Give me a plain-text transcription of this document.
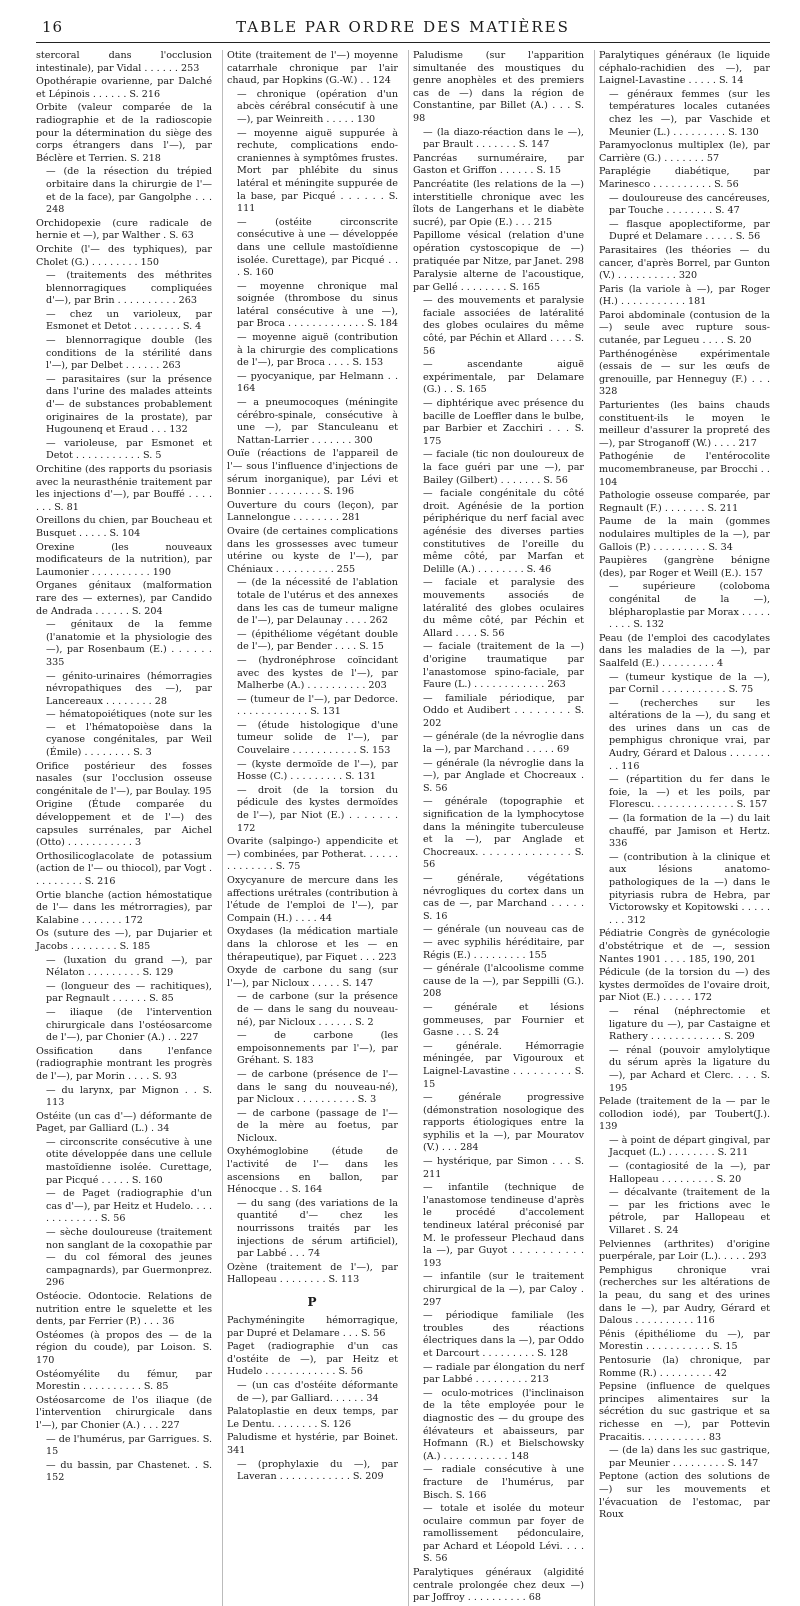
16	TABLE PAR ORDRE DES MATIÈRES

stercoral dans l'occlusion intestinale), par Vidal . . . . . . 253

Opothérapie ovarienne, par Dalché et Lépinois . . . . . . S. 216

Orbite (valeur comparée de la radiographie et de la radioscopie pour la détermination du siège des corps étrangers dans l'—), par Béclère et Terrien. S. 218

— (de la résection du trépied orbitaire dans la chirurgie de l'— et de la face), par Gangolphe . . . 248

Orchidopexie (cure radicale de hernie et —), par Walther . S. 63

Orchite (l'— des typhiques), par Cholet (G.) . . . . . . . . 150

— (traitements des méthrites blennorragiques compliquées d'—), par Brin . . . . . . . . . . 263

— chez un varioleux, par Esmonet et Detot . . . . . . . . S. 4

— blennorragique double (les conditions de la stérilité dans l'—), par Delbet . . . . . . 263

— parasitaires (sur la présence dans l'urine des malades atteints d'— de substances probablement originaires de la prostate), par Hugounenq et Eraud . . . 132

— varioleuse, par Esmonet et Detot . . . . . . . . . . . S. 5

Orchitine (des rapports du psoriasis avec la neurasthénie traitement par les injections d'—), par Bouffé . . . . . . . S. 81

Oreillons du chien, par Boucheau et Busquet . . . . . S. 104

Orexine (les nouveaux modificateurs de la nutrition), par Laumonier . . . . . . . . . . 190

Organes génitaux (malformation rare des — externes), par Candido de Andrada . . . . . . S. 204

— génitaux de la femme (l'anatomie et la physiologie des —), par Rosenbaum (E.) . . . . . . 335

— génito-urinaires (hémorragies névropathiques des —), par Lancereaux . . . . . . . . 28

— hématopoiétiques (note sur les — et l'hématopoièse dans la cyanose congénitales, par Weil (Émile) . . . . . . . . S. 3

Orifice postérieur des fosses nasales (sur l'occlusion osseuse congénitale de l'—), par Boulay. 195

Origine (Étude comparée du développement et de l'—) des capsules surrénales, par Aichel (Otto) . . . . . . . . . . . 3

Orthosilicoglacolate de potassium (action de l'— ou thiocol), par Vogt . . . . . . . . . S. 216

Ortie blanche (action hémostatique de l'— dans les métrorragies), par Kalabine . . . . . . . 172

Os (suture des —), par Dujarier et Jacobs . . . . . . . . S. 185

— (luxation du grand —), par Nélaton . . . . . . . . . S. 129

— (longueur des — rachitiques), par Regnault . . . . . . S. 85

— iliaque (de l'intervention chirurgicale dans l'ostéosarcome de l'—), par Chonier (A.) . . 227

Ossification dans l'enfance (radiographie montrant les progrès de l'—), par Morin . . . . S. 93

— du larynx, par Mignon . . S. 113

Ostéite (un cas d'—) déformante de Paget, par Galliard (L.) . 34

— circonscrite consécutive à une otite développée dans une cellule mastoïdienne isolée. Curettage, par Picqué . . . . . S. 160

— de Paget (radiographie d'un cas d'—), par Heitz et Hudelo. . . . . . . . . . . . . S. 56

— sèche douloureuse (traitement non sanglant de la coxopathie par — du col fémoral des jeunes campagnards), par Guermonprez. 296

Ostéocie. Odontocie. Relations de nutrition entre le squelette et les dents, par Ferrier (P.) . . . 36

Ostéomes (à propos des — de la région du coude), par Loison. S. 170

Ostéomyélite du fémur, par Morestin . . . . . . . . . . S. 85

Ostéosarcome de l'os iliaque (de l'intervention chirurgicale dans l'—), par Chonier (A.) . . . 227

— de l'humérus, par Garrigues. S. 15

— du bassin, par Chastenet. . S. 152

Otite (traitement de l'—) moyenne catarrhale chronique par l'air chaud, par Hopkins (G.-W.) . . 124

— chronique (opération d'un abcès cérébral consécutif à une —), par Weinreith . . . . . 130

— moyenne aiguë suppurée à rechute, complications endo-craniennes à symptômes frustes. Mort par phlébite du sinus latéral et méningite suppurée de la base, par Picqué . . . . . . S. 111

— (ostéite circonscrite consécutive à une — développée dans une cellule mastoïdienne isolée. Curettage), par Picqué . . . S. 160

— moyenne chronique mal soignée (thrombose du sinus latéral consécutive à une —), par Broca . . . . . . . . . . . . . S. 184

— moyenne aiguë (contribution à la chirurgie des complications de l'—), par Broca . . . . S. 153

— pyocyanique, par Helmann . . 164

— a pneumocoques (méningite cérébro-spinale, consécutive à une —), par Stanculeanu et Nattan-Larrier . . . . . . . 300

Ouïe (réactions de l'appareil de l'— sous l'influence d'injections de sérum inorganique), par Lévi et Bonnier . . . . . . . . . S. 196

Ouverture du cours (leçon), par Lannelongue . . . . . . . . 281

Ovaire (de certaines complications dans les grossesses avec tumeur utérine ou kyste de l'—), par Chéniaux . . . . . . . . . . 255

— (de la nécessité de l'ablation totale de l'utérus et des annexes dans les cas de tumeur maligne de l'—), par Delaunay . . . . 262

— (épithéliome végétant double de l'—), par Bender . . . . S. 15

— (hydronéphrose coïncidant avec des kystes de l'—), par Malherbe (A.) . . . . . . . . . . 203

— (tumeur de l'—), par Dedorce. . . . . . . . . . . . . S. 131

— (étude histologique d'une tumeur solide de l'—), par Couvelaire . . . . . . . . . . . S. 153

— (kyste dermoïde de l'—), par Hosse (C.) . . . . . . . . . S. 131

— droit (de la torsion du pédicule des kystes dermoïdes de l'—), par Niot (E.) . . . . . . . 172

Ovarite (salpingo-) appendicite et —) combinées, par Potherat. . . . . . . . . . . . . . S. 75

Oxycyanure de mercure dans les affections urétrales (contribution à l'étude de l'emploi de l'—), par Compain (H.) . . . . 44

Oxydases (la médication martiale dans la chlorose et les — en thérapeutique), par Fiquet . . . 223

Oxyde de carbone du sang (sur l'—), par Nicloux . . . . . S. 147

— de carbone (sur la présence de — dans le sang du nouveau-né), par Nicloux . . . . . . S. 2

— de carbone (les empoisonnements par l'—), par Gréhant. S. 183

— de carbone (présence de l'— dans le sang du nouveau-né), par Nicloux . . . . . . . . . . S. 3

— de carbone (passage de l'— de la mère au foetus, par Nicloux.

Oxyhémoglobine (étude de l'activité de l'— dans les ascensions en ballon, par Hénocque . . S. 164

— du sang (des variations de la quantité d'— chez les nourrissons traités par les injections de sérum artificiel), par Labbé . . . 74

Ozène (traitement de l'—), par Hallopeau . . . . . . . . S. 113

P

Pachyméningite hémorragique, par Dupré et Delamare . . . S. 56

Paget (radiographie d'un cas d'ostéite de —), par Heitz et Hudelo . . . . . . . . . . . . S. 56

— (un cas d'ostéite déformante de —), par Galliard. . . . . . 34

Palatoplastie en deux temps, par Le Dentu. . . . . . . . S. 126

Paludisme et hystérie, par Boinet. 341

— (prophylaxie du —), par Laveran . . . . . . . . . . . . S. 209

Paludisme (sur l'apparition simultanée des moustiques du genre anophèles et des premiers cas de —) dans la région de Constantine, par Billet (A.) . . . S. 98

— (la diazo-réaction dans le —), par Brault . . . . . . . S. 147

Pancréas surnuméraire, par Gaston et Griffon . . . . . . S. 15

Pancréatite (les relations de la —) interstitielle chronique avec les îlots de Langerhans et le diabète sucré), par Opie (E.) . . . 215

Papillome vésical (relation d'une opération cystoscopique de —) pratiquée par Nitze, par Janet. 298

Paralysie alterne de l'acoustique, par Gellé . . . . . . . . S. 165

— des mouvements et paralysie faciale associées de latéralité des globes oculaires du même côté, par Péchin et Allard . . . . S. 56

— ascendante aiguë expérimentale, par Delamare (G.) . . S. 165

— diphtérique avec présence du bacille de Loeffler dans le bulbe, par Barbier et Zacchiri . . . S. 175

— faciale (tic non douloureux de la face guéri par une —), par Bailey (Gilbert) . . . . . . . S. 56

— faciale congénitale du côté droit. Agénésie de la portion périphérique du nerf facial avec agénésie des diverses parties constitutives de l'oreille du même côté, par Marfan et Delille (A.) . . . . . . . . S. 46

— faciale et paralysie des mouvements associés de latéralité des globes oculaires du même côté, par Péchin et Allard . . . . S. 56

— faciale (traitement de la —) d'origine traumatique par l'anastomose spino-faciale, par Faure (L.) . . . . . . . . . . . . 263

— familiale périodique, par Oddo et Audibert . . . . . . . . S. 202

— générale (de la névroglie dans la —), par Marchand . . . . . 69

— générale (la névroglie dans la —), par Anglade et Chocreaux . S. 56

— générale (topographie et signification de la lymphocytose dans la méningite tuberculeuse et la —), par Anglade et Chocreaux. . . . . . . . . . . . . . S. 56

— générale, végétations névrogliques du cortex dans un cas de —, par Marchand . . . . . S. 16

— générale (un nouveau cas de — avec syphilis héréditaire, par Régis (E.) . . . . . . . . . 155

— générale (l'alcoolisme comme cause de la —), par Seppilli (G.). 208

— générale et lésions gommeuses, par Fournier et Gasne . . . S. 24

— générale. Hémorragie méningée, par Vigouroux et Laignel-Lavastine . . . . . . . . . S. 15

— générale progressive (démonstration nosologique des rapports étiologiques entre la syphilis et la —), par Mouratov (V.) . . . 284

— hystérique, par Simon . . . S. 211

— infantile (technique de l'anastomose tendineuse d'après le procédé d'accolement tendineux latéral préconisé par M. le professeur Plechaud dans la —), par Guyot . . . . . . . . . . 193

— infantile (sur le traitement chirurgical de la —), par Caloy . 297

— périodique familiale (les troubles des réactions électriques dans la —), par Oddo et Darcourt . . . . . . . . . S. 128

— radiale par élongation du nerf par Labbé . . . . . . . . . 213

— oculo-motrices (l'inclinaison de la tête employée pour le diagnostic des — du groupe des élévateurs et abaisseurs, par Hofmann (R.) et Bielschowsky (A.) . . . . . . . . . . . 148

— radiale consécutive à une fracture de l'humérus, par Bisch. S. 166

— totale et isolée du moteur oculaire commun par foyer de ramollissement pédonculaire, par Achard et Léopold Lévi. . . . S. 56

Paralytiques généraux (algidité centrale prolongée chez deux —) par Joffroy . . . . . . . . . . 68

Paralytiques généraux (le liquide céphalo-rachidien des —), par Laignel-Lavastine . . . . . S. 14

— généraux femmes (sur les températures locales cutanées chez les —), par Vaschide et Meunier (L.) . . . . . . . . . S. 130

Paramyoclonus multiplex (le), par Carrière (G.) . . . . . . . 57

Paraplégie diabétique, par Marinesco . . . . . . . . . . S. 56

— douloureuse des cancéreuses, par Touche . . . . . . . . S. 47

— flasque apoplectiforme, par Dupré et Delamare . . . . . S. 56

Parasitaires (les théories — du cancer, d'après Borrel, par Gunton (V.) . . . . . . . . . . 320

Paris (la variole à —), par Roger (H.) . . . . . . . . . . . 181

Paroi abdominale (contusion de la —) seule avec rupture sous-cutanée, par Legueu . . . . S. 20

Parthénogénèse expérimentale (essais de — sur les œufs de grenouille, par Henneguy (F.) . . . 328

Parturientes (les bains chauds constituent-ils le moyen le meilleur d'assurer la propreté des —), par Stroganoff (W.) . . . . 217

Pathogénie de l'entérocolite mucomembraneuse, par Brocchi . . 104

Pathologie osseuse comparée, par Regnault (F.) . . . . . . . S. 211

Paume de la main (gommes nodulaires multiples de la —), par Gallois (P.) . . . . . . . . . S. 34

Paupières (gangrène bénigne (des), par Roger et Weill (E.). 157

— supérieure (coloboma congénital de la —), blépharoplastie par Morax . . . . . . . . . S. 132

Peau (de l'emploi des cacodylates dans les maladies de la —), par Saalfeld (E.) . . . . . . . . . 4

— (tumeur kystique de la —), par Cornil . . . . . . . . . . . S. 75

— (recherches sur les altérations de la —), du sang et des urines dans un cas de pemphigus chronique vrai, par Audry, Gérard et Dalous . . . . . . . . . 116

— (répartition du fer dans le foie, la —) et les poils, par Florescu. . . . . . . . . . . . . . S. 157

— (la formation de la —) du lait chauffé, par Jamison et Hertz. 336

— (contribution à la clinique et aux lésions anatomo-pathologiques de la —) dans le pityriasis rubra de Hebra, par Victorowsky et Kopitowski . . . . . . . . 312

Pédiatrie Congrès de gynécologie d'obstétrique et de —, session Nantes 1901 . . . . 185, 190, 201

Pédicule (de la torsion du —) des kystes dermoïdes de l'ovaire droit, par Niot (E.) . . . . . 172

— rénal (néphrectomie et ligature du —), par Castaigne et Rathery . . . . . . . . . . . . S. 209

— rénal (pouvoir amylolytique du sérum après la ligature du —), par Achard et Clerc. . . . S. 195

Pelade (traitement de la — par le collodion iodé), par Toubert(J.). 139

— à point de départ gingival, par Jacquet (L.) . . . . . . . . S. 211

— (contagiosité de la —), par Hallopeau . . . . . . . . . S. 20

— décalvante (traitement de la — par les frictions avec le pétrole, par Hallopeau et Villaret . S. 24

Pelviennes (arthrites) d'origine puerpérale, par Loir (L.). . . . . 293

Pemphigus chronique vrai (recherches sur les altérations de la peau, du sang et des urines dans le —), par Audry, Gérard et Dalous . . . . . . . . . . 116

Pénis (épithéliome du —), par Morestin . . . . . . . . . . . S. 15

Pentosurie (la) chronique, par Romme (R.) . . . . . . . . . 42

Pepsine (influence de quelques principes alimentaires sur la sécrétion du suc gastrique et sa richesse en —), par Pottevin Pracaitis. . . . . . . . . . . 83

— (de la) dans les suc gastrique, par Meunier . . . . . . . . . S. 147

Peptone (action des solutions de —) sur les mouvements et l'évacuation de l'estomac, par Roux
